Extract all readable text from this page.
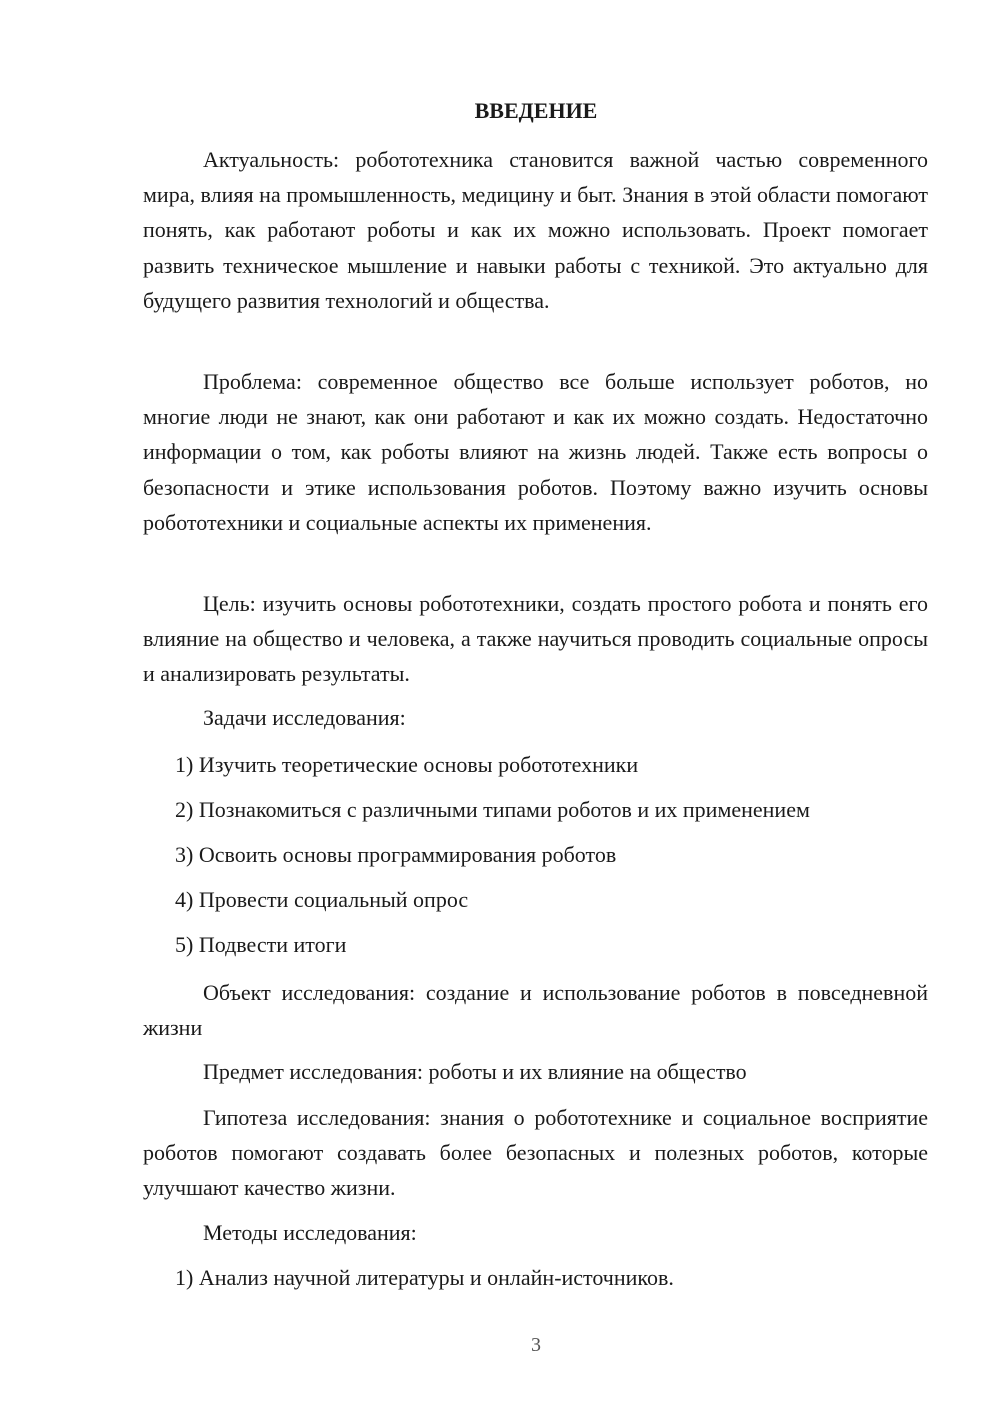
ВВЕДЕНИЕ

Актуальность: робототехника становится важной частью современного мира, влияя на промышленность, медицину и быт. Знания в этой области помогают понять, как работают роботы и как их можно использовать. Проект помогает развить техническое мышление и навыки работы с техникой. Это актуально для будущего развития технологий и общества.

Проблема: современное общество все больше использует роботов, но многие люди не знают, как они работают и как их можно создать. Недостаточно информации о том, как роботы влияют на жизнь людей. Также есть вопросы о безопасности и этике использования роботов. Поэтому важно изучить основы робототехники и социальные аспекты их применения.

Цель: изучить основы робототехники, создать простого робота и понять его влияние на общество и человека, а также научиться проводить социальные опросы и анализировать результаты.

Задачи исследования:

1) Изучить теоретические основы робототехники

2) Познакомиться с различными типами роботов и их применением

3) Освоить основы программирования роботов

4) Провести социальный опрос

5) Подвести итоги

Объект исследования: создание и использование роботов в повседневной жизни

Предмет исследования: роботы и их влияние на общество

Гипотеза исследования: знания о робототехнике и социальное восприятие роботов помогают создавать более безопасных и полезных роботов, которые улучшают качество жизни.

Методы исследования:

1) Анализ научной литературы и онлайн-источников.

3
